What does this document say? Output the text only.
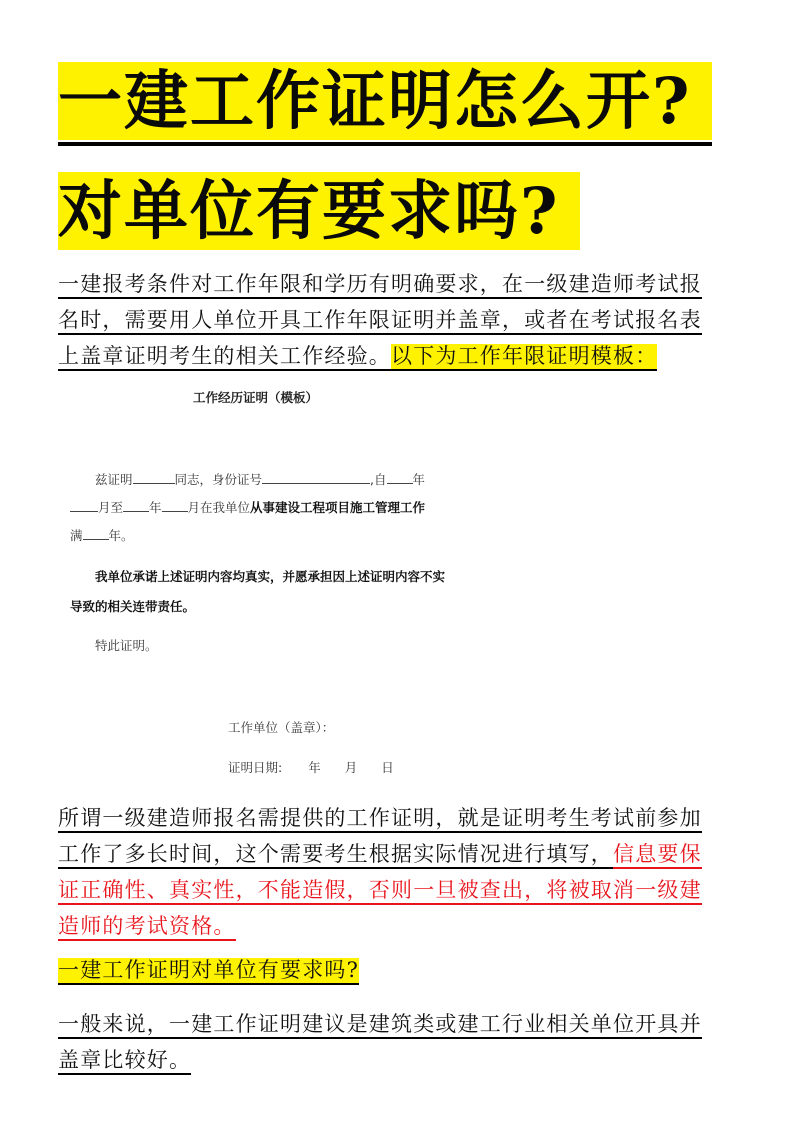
一建工作证明怎么开?
对单位有要求吗?
一建报考条件对工作年限和学历有明确要求，在一级建造师考试报
名时，需要用人单位开具工作年限证明并盖章，或者在考试报名表
上盖章证明考生的相关工作经验。以下为工作年限证明模板：
工作经历证明（模板）
兹证明	同志，身份证号	,自 年
月至 年 月在我单位从事建设工程项目施工管理工作
满 年。
我单位承诺上述证明内容均真实，并愿承担因上述证明内容不实
导致的相关连带责任。
特此证明。
工作单位（盖章）：
证明日期: 年 月 日
所谓一级建造师报名需提供的工作证明，就是证明考生考试前参加
工作了多长时间，这个需要考生根据实际情况进行填写，信息要保
证正确性、真实性，不能造假，否则一旦被查出，将被取消一级建
造师的考试资格。
一建工作证明对单位有要求吗?
一般来说，一建工作证明建议是建筑类或建工行业相关单位开具并
盖章比较好。
